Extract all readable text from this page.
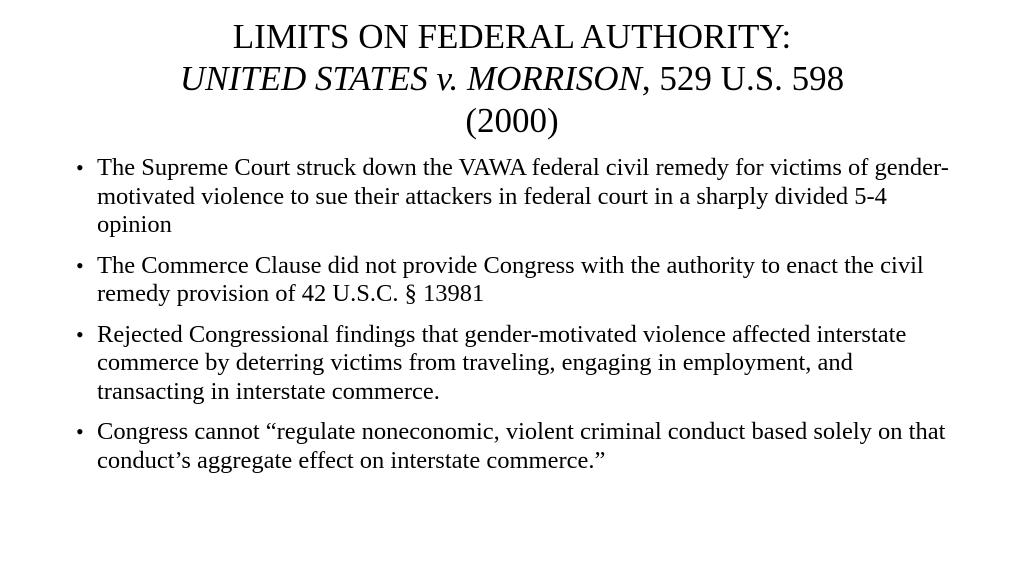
LIMITS ON FEDERAL AUTHORITY:
UNITED STATES v. MORRISON, 529 U.S. 598
(2000)
• The Supreme Court struck down the VAWA federal civil remedy for victims of gender-motivated violence to sue their attackers in federal court in a sharply divided 5-4 opinion
• The Commerce Clause did not provide Congress with the authority to enact the civil remedy provision of 42 U.S.C. § 13981
• Rejected Congressional findings that gender-motivated violence affected interstate commerce by deterring victims from traveling, engaging in employment, and transacting in interstate commerce.
• Congress cannot “regulate noneconomic, violent criminal conduct based solely on that conduct’s aggregate effect on interstate commerce.”
